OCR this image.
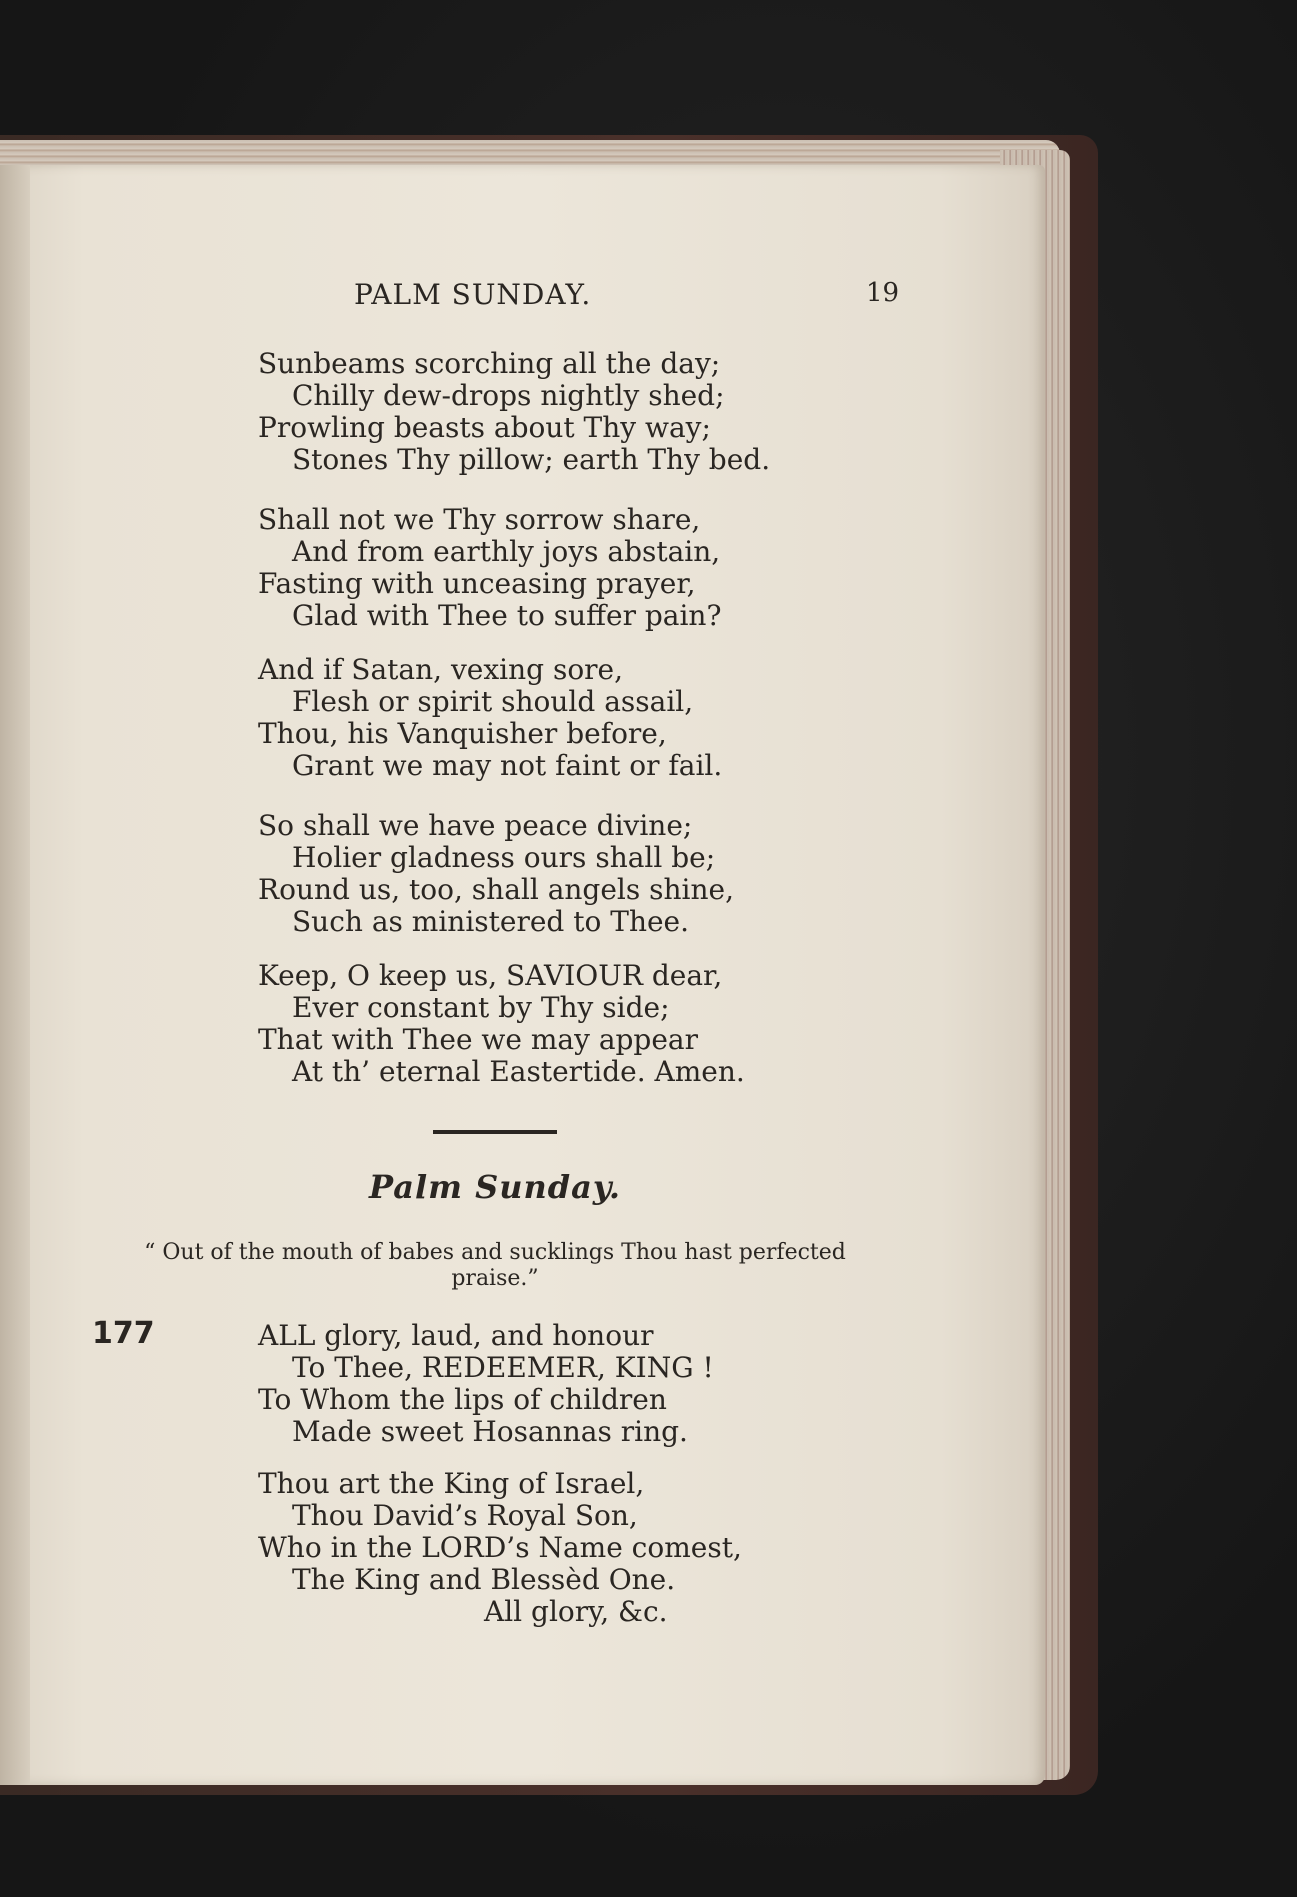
PALM SUNDAY.	19
Sunbeams scorching all the day;
Chilly dew-drops nightly shed;
Prowling beasts about Thy way;
Stones Thy pillow; earth Thy bed.
Shall not we Thy sorrow share,
And from earthly joys abstain,
Fasting with unceasing prayer,
Glad with Thee to suffer pain?
And if Satan, vexing sore,
Flesh or spirit should assail,
Thou, his Vanquisher before,
Grant we may not faint or fail.
So shall we have peace divine;
Holier gladness ours shall be;
Round us, too, shall angels shine,
Such as ministered to Thee.
Keep, O keep us, SAVIOUR dear,
Ever constant by Thy side;
That with Thee we may appear
At th’ eternal Eastertide. Amen.
Palm Sunday.
“ Out of the mouth of babes and sucklings Thou hast perfected
praise.”
177	ALL glory, laud, and honour
To Thee, REDEEMER, KING !
To Whom the lips of children
Made sweet Hosannas ring.
Thou art the King of Israel,
Thou David’s Royal Son,
Who in the LORD’s Name comest,
The King and Blessèd One.
All glory, &c.
